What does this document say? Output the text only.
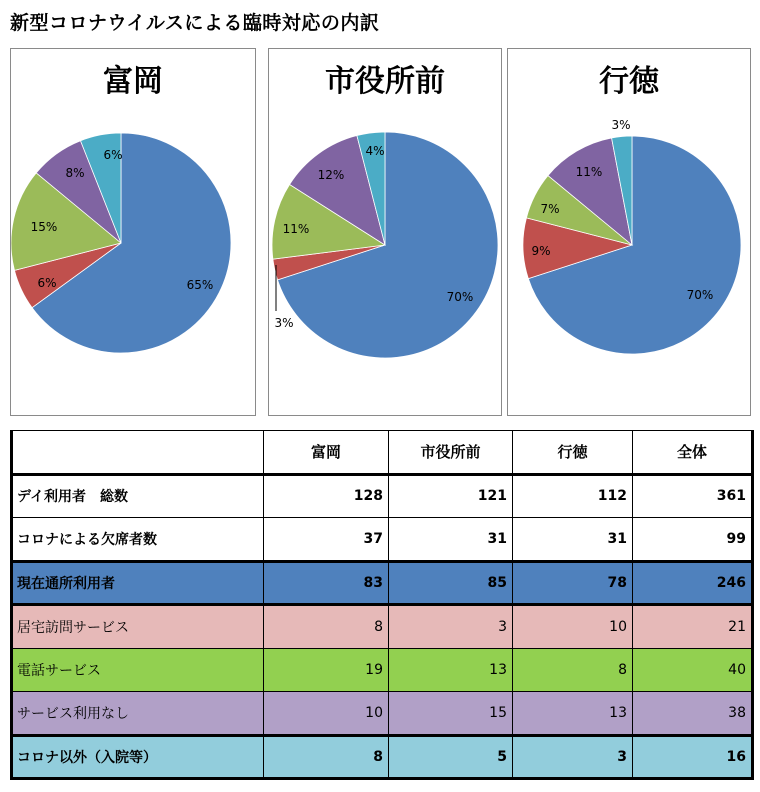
新型コロナウイルスによる臨時対応の内訳
富岡
65%
6%
15%
8%
6%
市役所前
70%
3%
11%
12%
4%
行徳
70%
9%
7%
11%
3%
	富岡	市役所前	行徳	全体
デイ利用者　総数	128	121	112	361
コロナによる欠席者数	37	31	31	99
現在通所利用者	83	85	78	246
居宅訪問サービス	8	3	10	21
電話サービス	19	13	8	40
サービス利用なし	10	15	13	38
コロナ以外（入院等）	8	5	3	16
